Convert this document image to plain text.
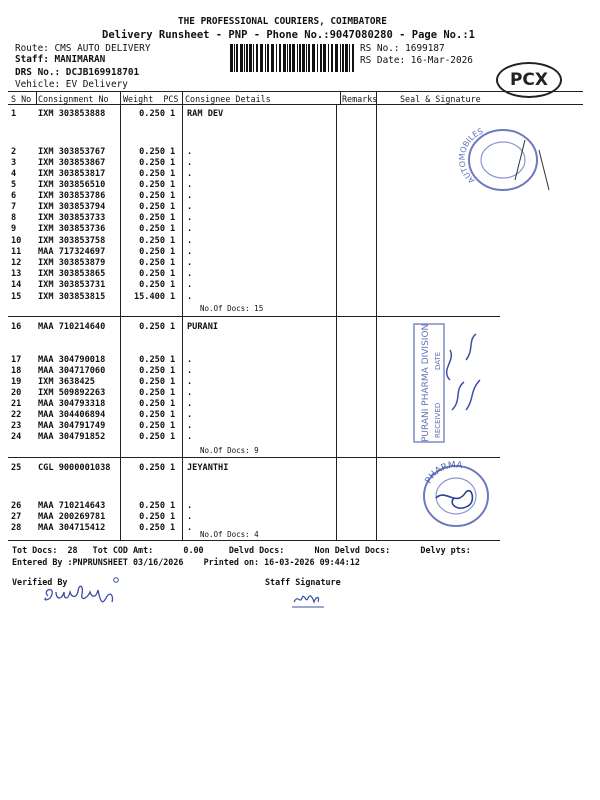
THE PROFESSIONAL COURIERS, COIMBATORE
Delivery Runsheet - PNP - Phone No.:9047080280 - Page No.:1
Route: CMS AUTO DELIVERY
Staff: MANIMARAN
DRS No.: DCJB169918701
Vehicle: EV Delivery
RS No.: 1699187
RS Date: 16-Mar-2026
PCX
S No Consignment No Weight  PCS Consignee Details	Remarks	Seal & Signature
1	IXM 303853888	0.250 1 RAM DEV
2	IXM 303853767	0.250 1 .
3	IXM 303853867	0.250 1 .
4	IXM 303853817	0.250 1 .
5	IXM 303856510	0.250 1 .
6	IXM 303853786	0.250 1 .
7	IXM 303853794	0.250 1 .
8	IXM 303853733	0.250 1 .
9	IXM 303853736	0.250 1 .
10 IXM 303853758	0.250 1 .
11 MAA 717324697	0.250 1 .
12 IXM 303853879	0.250 1 .
13 IXM 303853865	0.250 1 .
14 IXM 303853731	0.250 1 .
15 IXM 303853815	15.400 1 .
No.Of Docs: 15
16 MAA 710214640	0.250 1 PURANI
17 MAA 304790018	0.250 1 .
18 MAA 304717060	0.250 1 .
19 IXM 3638425	0.250 1 .
20 IXM 509892263	0.250 1 .
21 MAA 304793318	0.250 1 .
22 MAA 304406894	0.250 1 .
23 MAA 304791749	0.250 1 .
24 MAA 304791852	0.250 1 .
No.Of Docs: 9
25 CGL 9000001038	0.250 1 JEYANTHI
26 MAA 710214643	0.250 1 .
27 MAA 200269781	0.250 1 .
28 MAA 304715412	0.250 1 .
No.Of Docs: 4
Tot Docs:  28   Tot COD Amt:      0.00     Delvd Docs:      Non Delvd Docs:      Delvy pts:
Entered By :PNPRUNSHEET 03/16/2026    Printed on: 16-03-2026 09:44:12
Verified By	Staff Signature
AUTOMOBILES
PURANI PHARMA DIVISION RECEIVED
DATE
PHARMA
